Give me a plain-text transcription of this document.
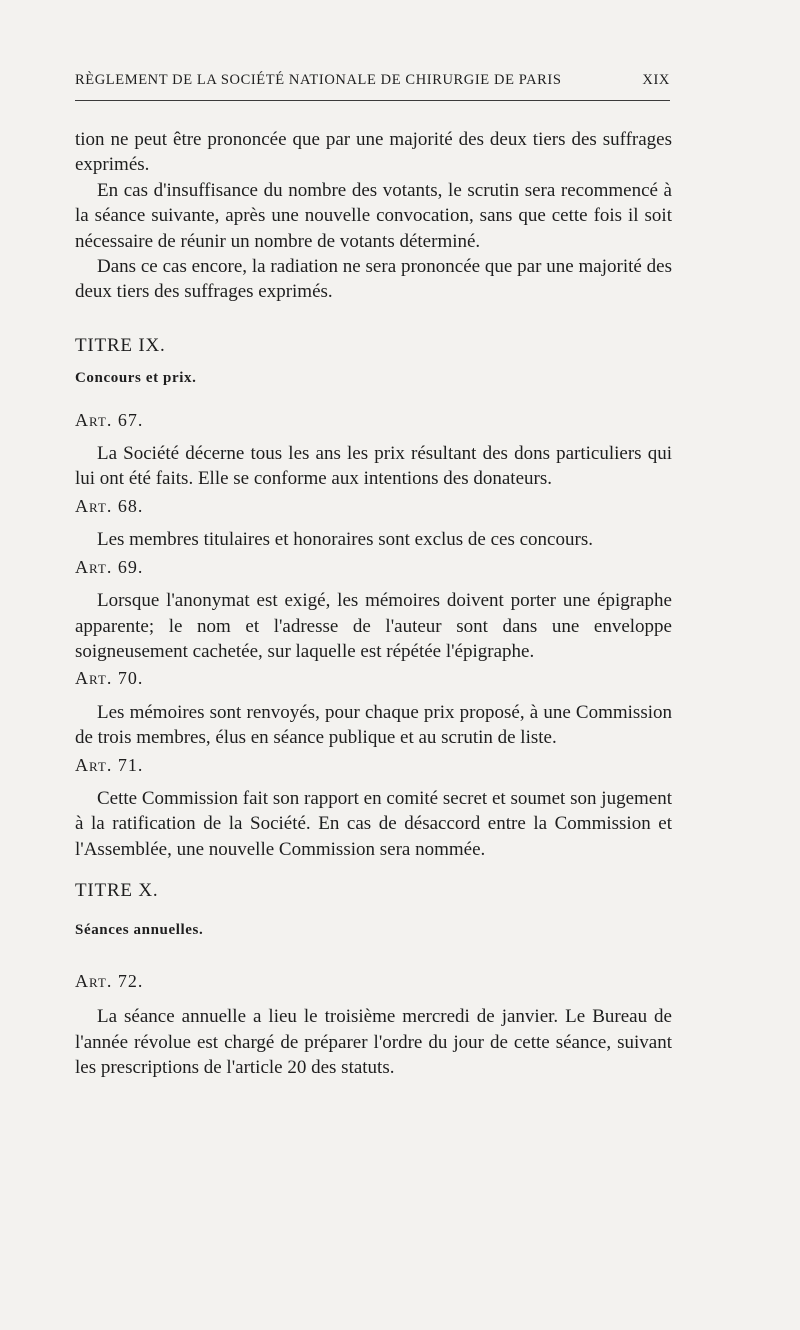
RÈGLEMENT DE LA SOCIÉTÉ NATIONALE DE CHIRURGIE DE PARIS	XIX

tion ne peut être prononcée que par une majorité des deux tiers des suffrages exprimés.

En cas d'insuffisance du nombre des votants, le scrutin sera recommencé à la séance suivante, après une nouvelle convocation, sans que cette fois il soit nécessaire de réunir un nombre de votants déterminé.

Dans ce cas encore, la radiation ne sera prononcée que par une majorité des deux tiers des suffrages exprimés.

TITRE IX.

Concours et prix.

Art. 67.

La Société décerne tous les ans les prix résultant des dons particuliers qui lui ont été faits. Elle se conforme aux intentions des donateurs.

Art. 68.

Les membres titulaires et honoraires sont exclus de ces concours.

Art. 69.

Lorsque l'anonymat est exigé, les mémoires doivent porter une épigraphe apparente; le nom et l'adresse de l'auteur sont dans une enveloppe soigneusement cachetée, sur laquelle est répétée l'épigraphe.

Art. 70.

Les mémoires sont renvoyés, pour chaque prix proposé, à une Commission de trois membres, élus en séance publique et au scrutin de liste.

Art. 71.

Cette Commission fait son rapport en comité secret et soumet son jugement à la ratification de la Société. En cas de désaccord entre la Commission et l'Assemblée, une nouvelle Commission sera nommée.

TITRE X.

Séances annuelles.

Art. 72.

La séance annuelle a lieu le troisième mercredi de janvier. Le Bureau de l'année révolue est chargé de préparer l'ordre du jour de cette séance, suivant les prescriptions de l'article 20 des statuts.
